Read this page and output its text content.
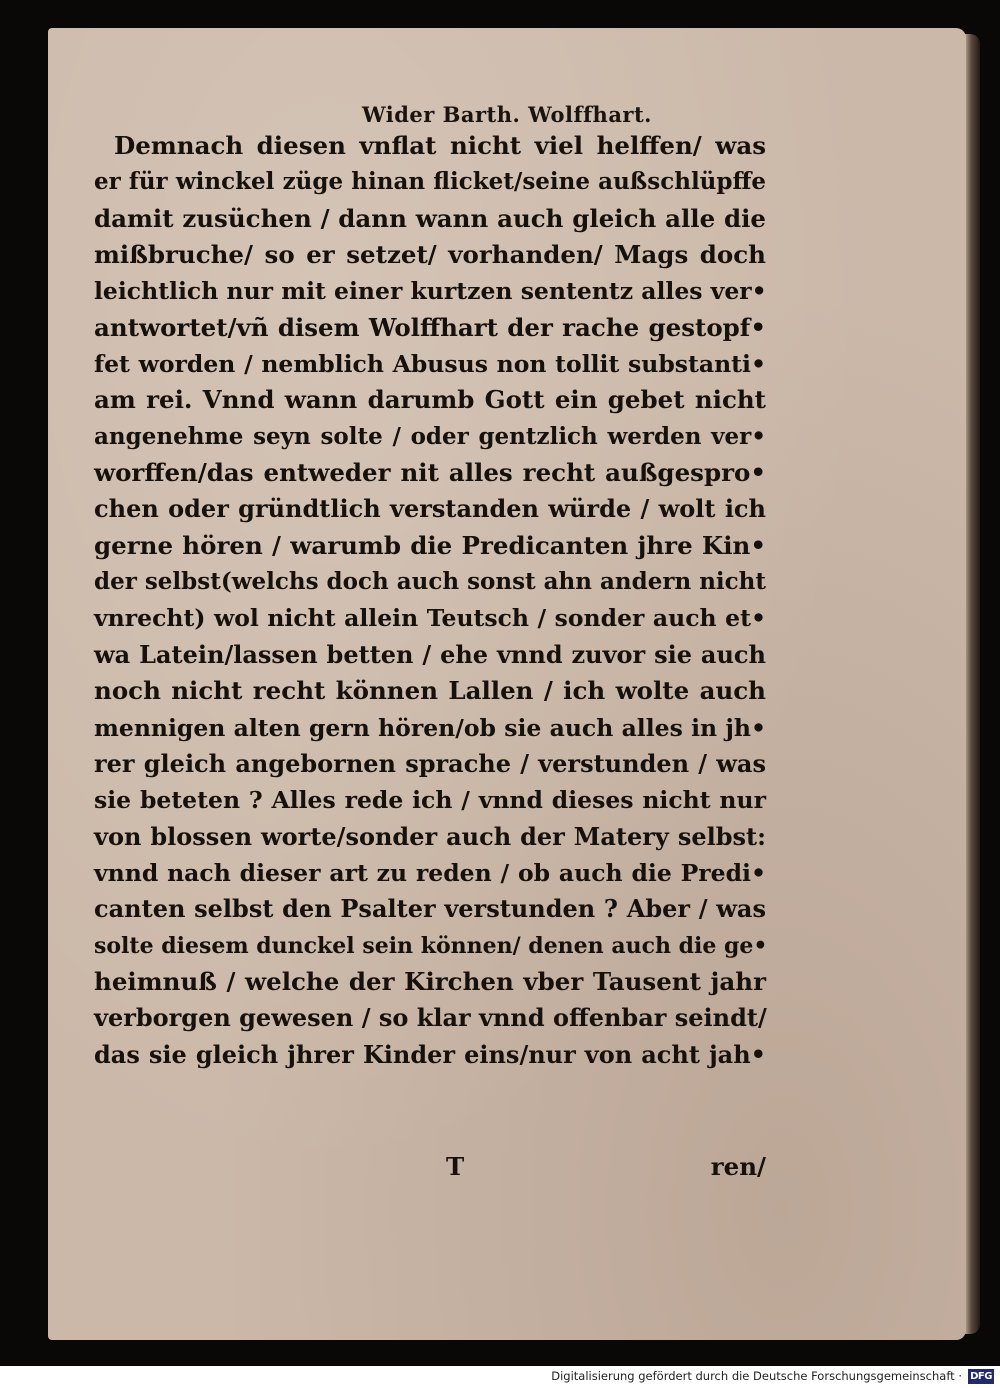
Wider Barth. Wolffhart.
Demnach diesen vnflat nicht viel helffen/ was
er für winckel züge hinan flicket/seine außschlüpffe
damit zusüchen / dann wann auch gleich alle die
mißbruche/ so er setzet/ vorhanden/ Mags doch
leichtlich nur mit einer kurtzen sententz alles ver•
antwortet/vñ disem Wolffhart der rache gestopf•
fet worden / nemblich Abusus non tollit substanti•
am rei. Vnnd wann darumb Gott ein gebet nicht
angenehme seyn solte / oder gentzlich werden ver•
worffen/das entweder nit alles recht außgespro•
chen oder gründtlich verstanden würde / wolt ich
gerne hören / warumb die Predicanten jhre Kin•
der selbst(welchs doch auch sonst ahn andern nicht
vnrecht) wol nicht allein Teutsch / sonder auch et•
wa Latein/lassen betten / ehe vnnd zuvor sie auch
noch nicht recht können Lallen / ich wolte auch
mennigen alten gern hören/ob sie auch alles in jh•
rer gleich angebornen sprache / verstunden / was
sie beteten ? Alles rede ich / vnnd dieses nicht nur
von blossen worte/sonder auch der Matery selbst:
vnnd nach dieser art zu reden / ob auch die Predi•
canten selbst den Psalter verstunden ? Aber / was
solte diesem dunckel sein können/ denen auch die ge•
heimnuß / welche der Kirchen vber Tausent jahr
verborgen gewesen / so klar vnnd offenbar seindt/
das sie gleich jhrer Kinder eins/nur von acht jah•
T	ren/
Digitalisierung gefördert durch die Deutsche Forschungsgemeinschaft · DFG
